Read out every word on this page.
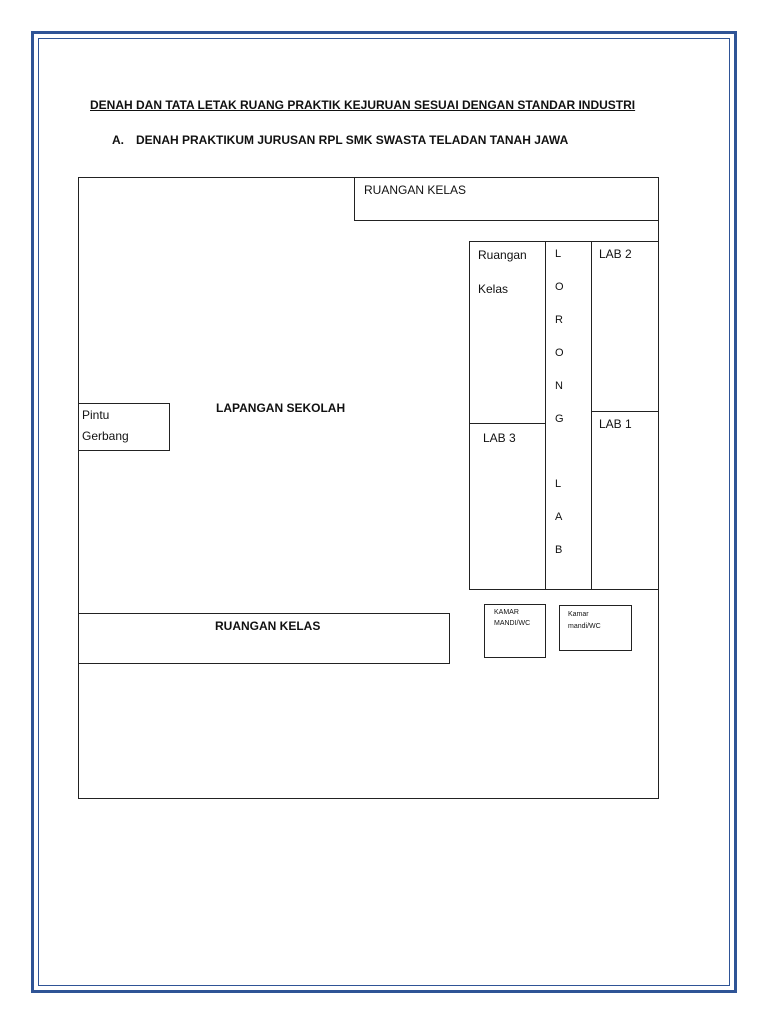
DENAH DAN TATA LETAK RUANG PRAKTIK KEJURUAN SESUAI DENGAN STANDAR INDUSTRI
A. DENAH PRAKTIKUM JURUSAN RPL SMK SWASTA TELADAN TANAH JAWA
RUANGAN KELAS
Ruangan
Kelas
LAB 2
LAB 1
LAB 3
L
O
R
O
N
G
L
A
B
LAPANGAN SEKOLAH
Pintu
Gerbang
RUANGAN KELAS
KAMAR
MANDI/WC
Kamar
mandi/WC
